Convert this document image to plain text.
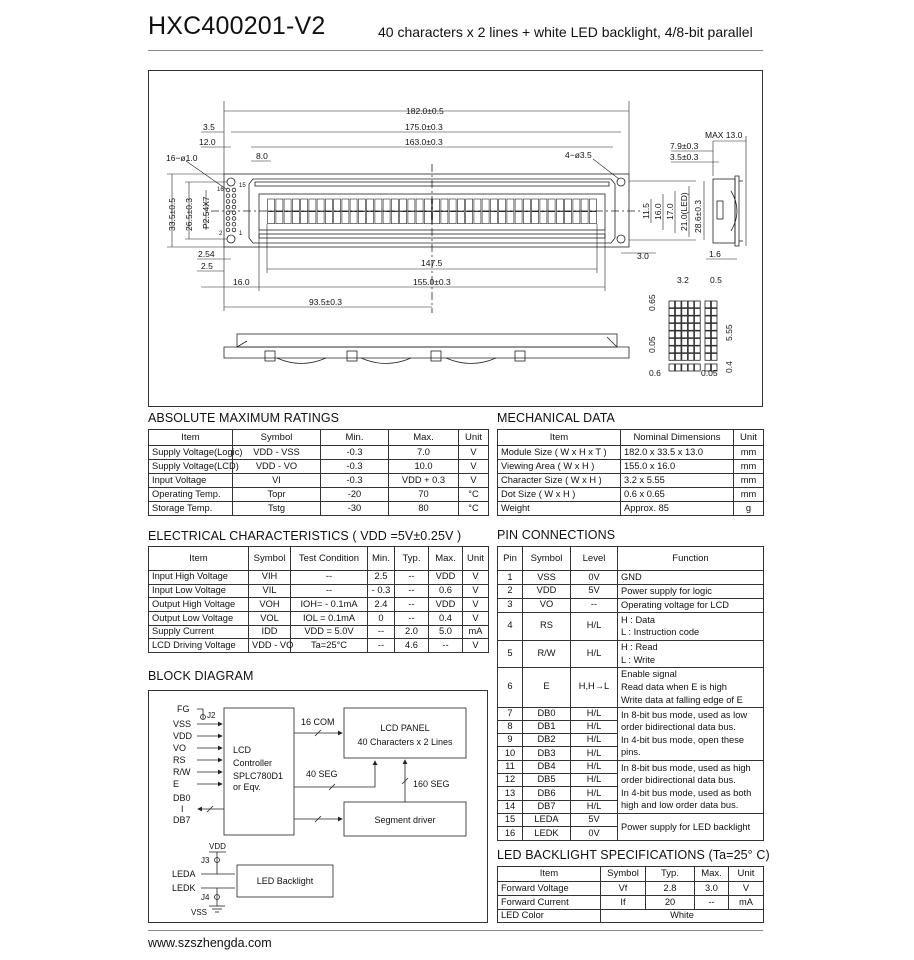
HXC400201-V2	40 characters x 2 lines + white LED backlight, 4/8-bit parallel
182.0±0.5
175.0±0.3
163.0±0.3
3.5
12.0
16−ø1.0	8.0	4−ø3.5
147.5
155.0±0.3
16.0
93.5±0.3
2.54
2.5
3.0
MAX 13.0
7.9±0.3
3.5±0.3
1.6
16
15
2	1
33.5±0.5 26.5±0.3 P2.54X7	11.5 16.0 17.0 21.0(LED) 28.6±0.3
3.2 0.5
0.65
5.55
0.05
0.6	0.05 0.4
ABSOLUTE MAXIMUM RATINGS
ELECTRICAL CHARACTERISTICS ( VDD =5V±0.25V )
BLOCK DIAGRAM
MECHANICAL DATA
PIN CONNECTIONS
LED BACKLIGHT SPECIFICATIONS (Ta=25° C)
Item	Symbol	Min.	Max.	Unit
Supply Voltage(Logic)	VDD - VSS	-0.3	7.0	V
Supply Voltage(LCD)	VDD - VO	-0.3	10.0	V
Input Voltage	VI	-0.3	VDD + 0.3	V
Operating Temp.	Topr	-20	70	°C
Storage Temp.	Tstg	-30	80	°C
Item	Symbol	Test Condition	Min.	Typ.	Max.	Unit
Input High Voltage	VIH	--	2.5	--	VDD	V
Input Low Voltage	VIL	--	- 0.3	--	0.6	V
Output High Voltage	VOH	IOH= - 0.1mA	2.4	--	VDD	V
Output Low Voltage	VOL	IOL = 0.1mA	0	--	0.4	V
Supply Current	IDD	VDD = 5.0V	--	2.0	5.0	mA
LCD Driving Voltage	VDD - VO	Ta=25°C	--	4.6	--	V
Item	Nominal Dimensions	Unit
Module Size ( W x H x T )	182.0 x 33.5 x 13.0	mm
Viewing Area ( W x H )	155.0 x 16.0	mm
Character Size ( W x H )	3.2 x 5.55	mm
Dot Size ( W x H )	0.6 x 0.65	mm
Weight	Approx. 85	g
Pin	Symbol	Level	Function
1	VSS	0V	GND

2	VDD	5V	Power supply for logic

3	VO	--	Operating voltage for LCD

4	RS	H/L	H : Data
L : Instruction code

5	R/W	H/L	H : Read
L : Write

6	E	H,H→L	Enable signal
Read data when E is high
Write data at falling edge of E

7	DB0	H/L	In 8-bit bus mode, used as low
order bidirectional data bus.
In 4-bit bus mode, open these
pins.

8	DB1	H/L	
9	DB2	H/L	
10	DB3	H/L	
11	DB4	H/L	In 8-bit bus mode, used as high
order bidirectional data bus.
In 4-bit bus mode, used as both
high and low order data bus.

12	DB5	H/L	
13	DB6	H/L	
14	DB7	H/L	
15	LEDA	5V	Power supply for LED backlight

16	LEDK	0V	
Item	Symbol	Typ.	Max.	Unit
Forward Voltage	Vf	2.8	3.0	V
Forward Current	If	20	--	mA
LED Color	White			
FG
J2
VSS
VDD
VO
RS
R/W
E
DB0
I
DB7
LCD
Controller
SPLC780D1
or Eqv.
16 COM
40 SEG
160 SEG
LCD PANEL
40 Characters x 2 Lines
Segment driver
LED Backlight
VDD
J3
LEDA
LEDK
J4
VSS
www.szszhengda.com
